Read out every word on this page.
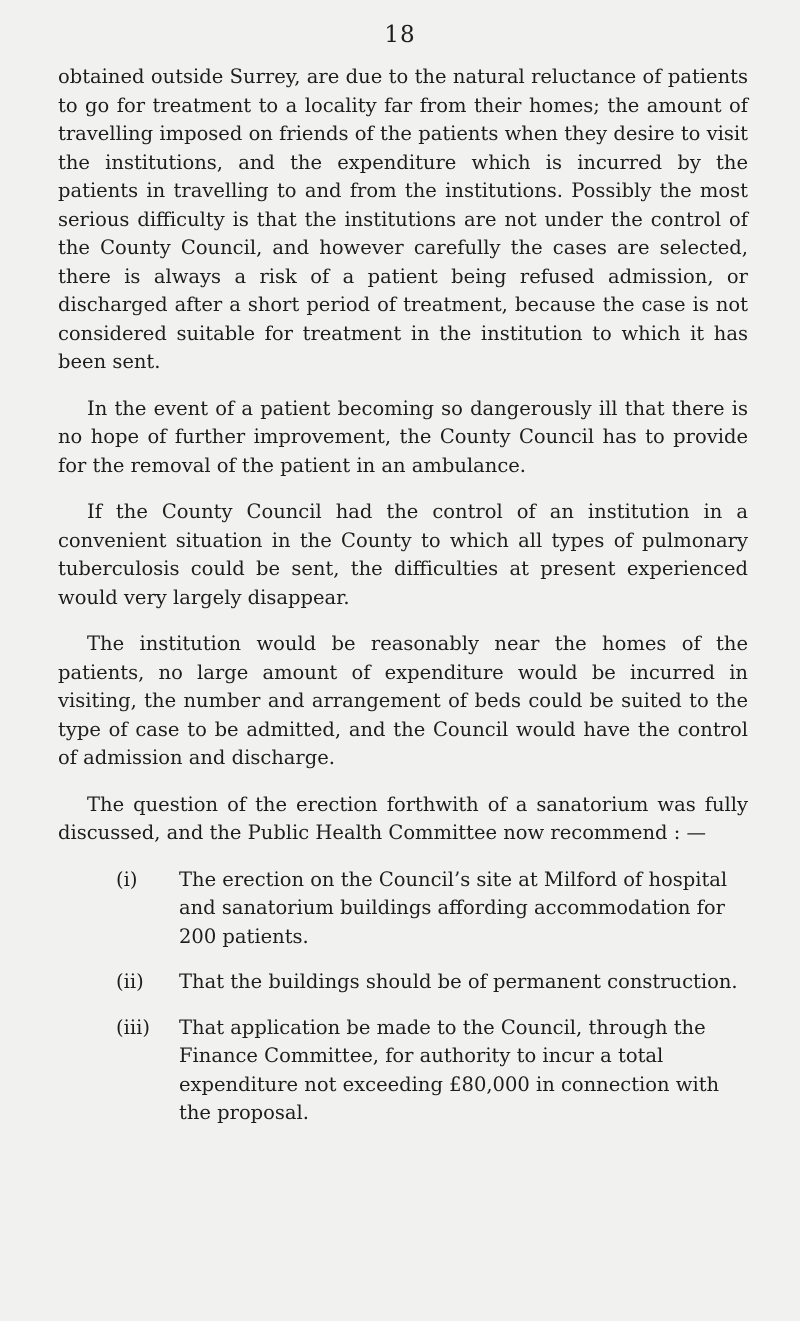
18

obtained outside Surrey, are due to the natural reluctance of patients to go for treatment to a locality far from their homes; the amount of travelling imposed on friends of the patients when they desire to visit the institutions, and the expenditure which is incurred by the patients in travelling to and from the institutions. Possibly the most serious difficulty is that the institutions are not under the control of the County Council, and however carefully the cases are selected, there is always a risk of a patient being refused admission, or discharged after a short period of treatment, because the case is not considered suitable for treatment in the institution to which it has been sent.

In the event of a patient becoming so dangerously ill that there is no hope of further improvement, the County Council has to provide for the removal of the patient in an ambulance.

If the County Council had the control of an institution in a convenient situation in the County to which all types of pulmonary tuberculosis could be sent, the difficulties at present experienced would very largely disappear.

The institution would be reasonably near the homes of the patients, no large amount of expenditure would be incurred in visiting, the number and arrangement of beds could be suited to the type of case to be admitted, and the Council would have the control of admission and discharge.

The question of the erection forthwith of a sanatorium was fully discussed, and the Public Health Committee now recommend : —

(i)	The erection on the Council’s site at Milford of hospital and sanatorium buildings affording accommodation for 200 patients.
(ii)	That the buildings should be of permanent construction.
(iii)	That application be made to the Council, through the Finance Committee, for authority to incur a total expenditure not exceeding £80,000 in connection with the proposal.
